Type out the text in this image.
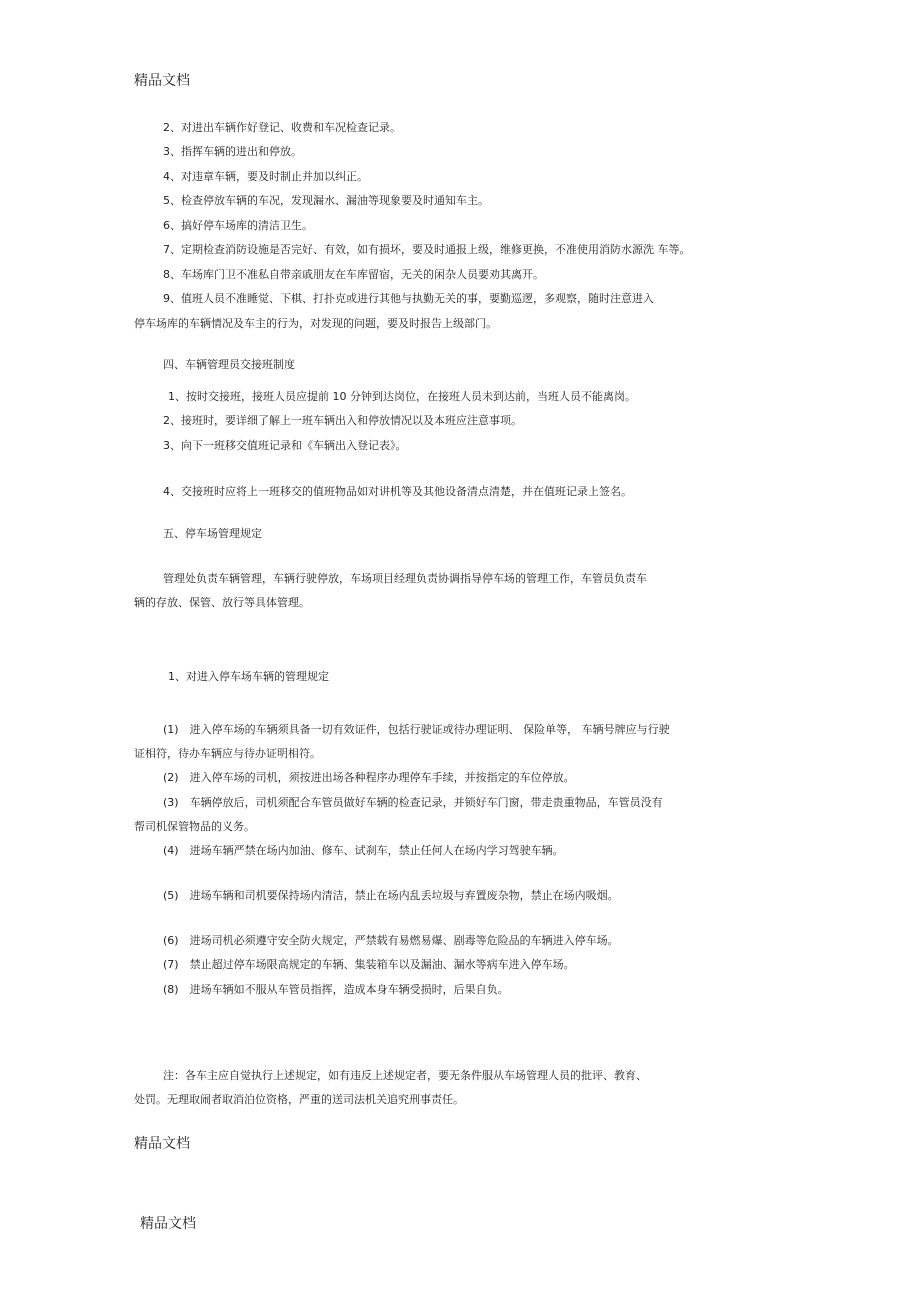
精品文档
2、对进出车辆作好登记、收费和车况检查记录。
3、指挥车辆的进出和停放。
4、对违章车辆，要及时制止并加以纠正。
5、检查停放车辆的车况，发现漏水、漏油等现象要及时通知车主。
6、搞好停车场库的清洁卫生。
7、定期检查消防设施是否完好、有效，如有损坏，要及时通报上级，维修更换，不准使用消防水源洗 车等。
8、车场库门卫不准私自带亲戚朋友在车库留宿，无关的闲杂人员要劝其离开。
9、值班人员不准睡觉、下棋、打扑克或进行其他与执勤无关的事，要勤巡逻，多观察，随时注意进入
停车场库的车辆情况及车主的行为，对发现的问题，要及时报告上级部门。
四、车辆管理员交接班制度
1、按时交接班，接班人员应提前 10 分钟到达岗位，在接班人员未到达前，当班人员不能离岗。
2、接班时，要详细了解上一班车辆出入和停放情况以及本班应注意事项。
3、向下一班移交值班记录和《车辆出入登记表》。
4、交接班时应将上一班移交的值班物品如对讲机等及其他设备清点清楚，并在值班记录上签名。
五、停车场管理规定
管理处负责车辆管理，车辆行驶停放，车场项目经理负责协调指导停车场的管理工作，车管员负责车
辆的存放、保管、放行等具体管理。
1、对进入停车场车辆的管理规定
(1)　进入停车场的车辆须具备一切有效证件，包括行驶证或待办理证明、 保险单等， 车辆号牌应与行驶
证相符，待办车辆应与待办证明相符。
(2)　进入停车场的司机，须按进出场各种程序办理停车手续，并按指定的车位停放。
(3)　车辆停放后，司机须配合车管员做好车辆的检查记录，并锁好车门窗，带走贵重物品，车管员没有
帮司机保管物品的义务。
(4)　进场车辆严禁在场内加油、修车、试刹车，禁止任何人在场内学习驾驶车辆。
(5)　进场车辆和司机要保持场内清洁，禁止在场内乱丢垃圾与弃置废杂物，禁止在场内吸烟。
(6)　进场司机必须遵守安全防火规定，严禁载有易燃易爆、剧毒等危险品的车辆进入停车场。
(7)　禁止超过停车场限高规定的车辆、集装箱车以及漏油、漏水等病车进入停车场。
(8)　进场车辆如不服从车管员指挥，造成本身车辆受损时，后果自负。
注：各车主应自觉执行上述规定，如有违反上述规定者，要无条件服从车场管理人员的批评、教育、
处罚。无理取闹者取消泊位资格，严重的送司法机关追究刑事责任。
精品文档
精品文档
